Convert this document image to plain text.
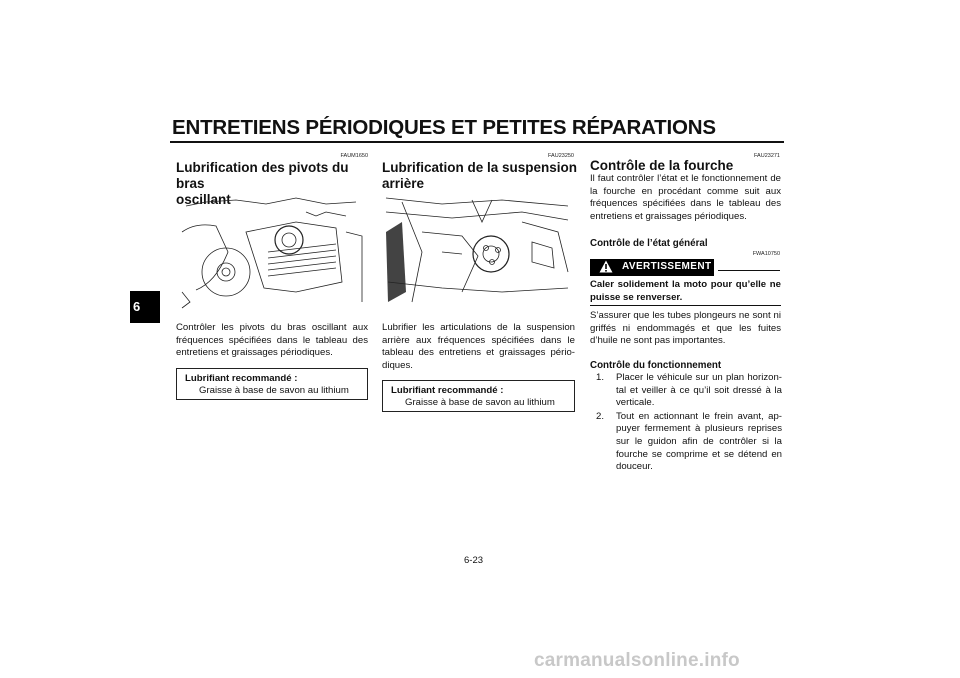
ENTRETIENS PÉRIODIQUES ET PETITES RÉPARATIONS
6
FAUM1650
Lubrification des pivots du bras
oscillant
Contrôler les pivots du bras oscillant aux fréquences spécifiées dans le tableau des entretiens et graissages périodiques.
Lubrifiant recommandé :
Graisse à base de savon au lithium
FAU23250
Lubrification de la suspension
arrière
Lubrifier les articulations de la suspension arrière aux fréquences spécifiées dans le tableau des entretiens et graissages pério-diques.
Lubrifiant recommandé :
Graisse à base de savon au lithium
FAU23271
Contrôle de la fourche
Il faut contrôler l’état et le fonctionnement de la fourche en procédant comme suit aux fréquences spécifiées dans le tableau des entretiens et graissages périodiques.
Contrôle de l’état général
FWA10750
AVERTISSEMENT
Caler solidement la moto pour qu’elle ne puisse se renverser.
S’assurer que les tubes plongeurs ne sont ni griffés ni endommagés et que les fuites d’huile ne sont pas importantes.
Contrôle du fonctionnement
1. Placer le véhicule sur un plan horizon-tal et veiller à ce qu’il soit dressé à la verticale.
2. Tout en actionnant le frein avant, ap-puyer fermement à plusieurs reprises sur le guidon afin de contrôler si la fourche se comprime et se détend en douceur.
6-23
carmanualsonline.info
